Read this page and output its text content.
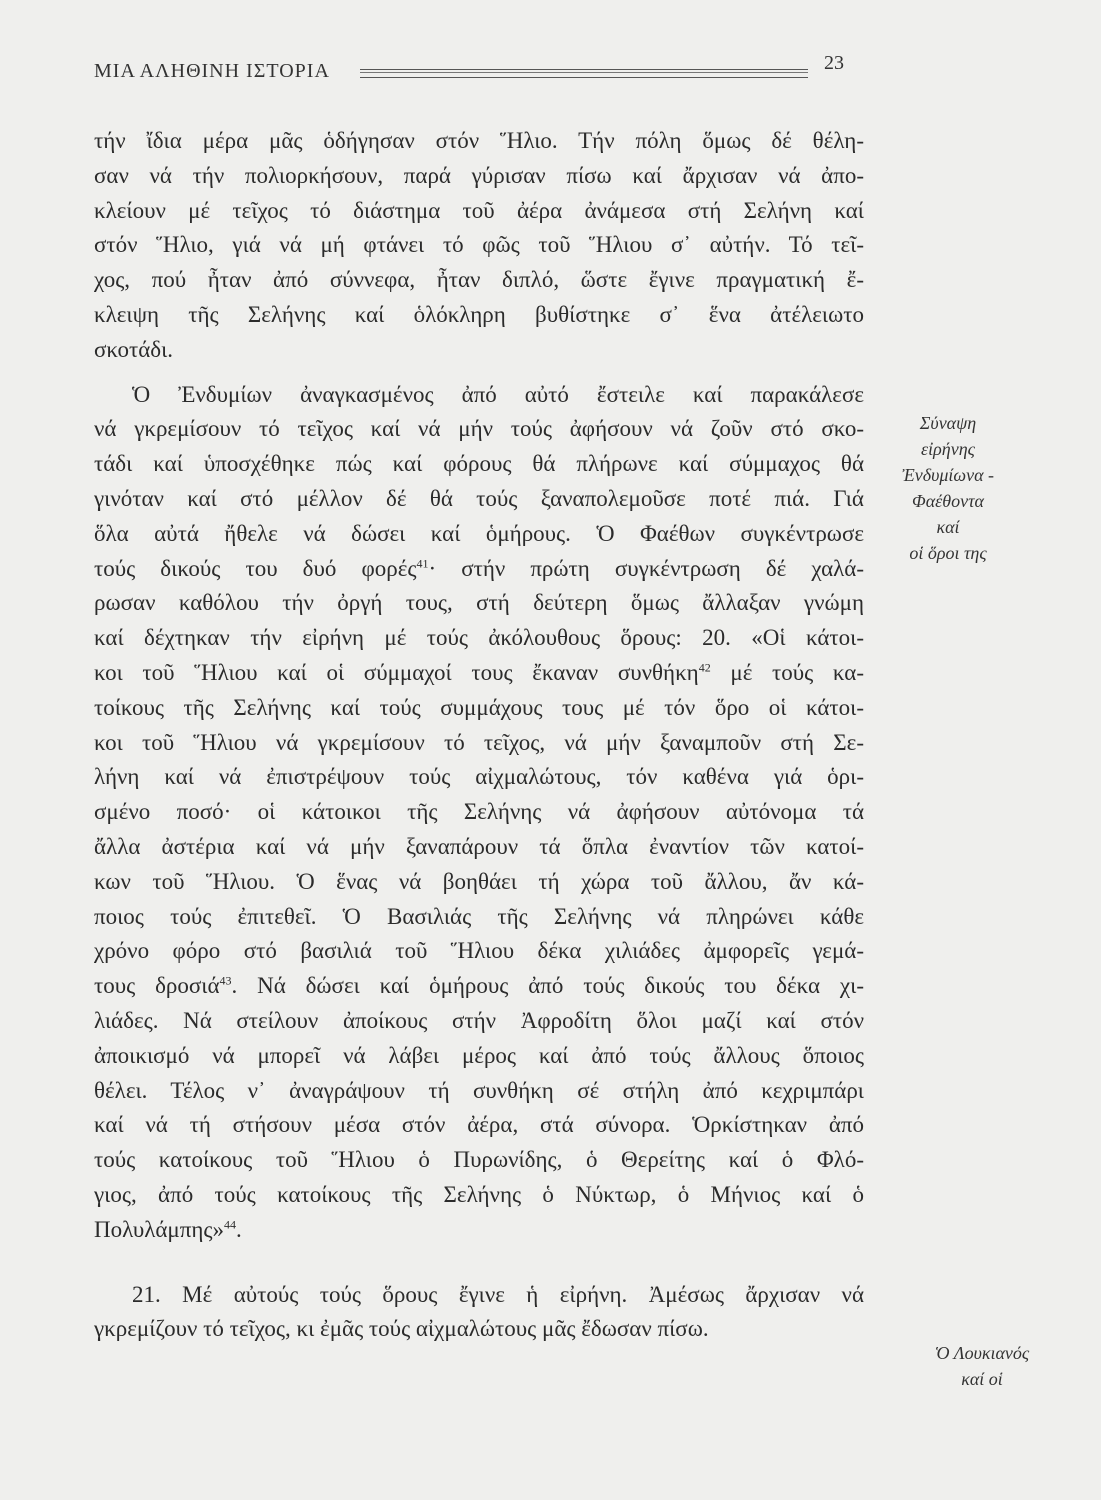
ΜΙΑ ΑΛΗΘΙΝΗ ΙΣΤΟΡΙΑ	23

τήν ἴδια μέρα μᾶς ὁδήγησαν στόν Ἥλιο. Τήν πόλη ὅμως δέ θέλη-
σαν νά τήν πολιορκήσουν, παρά γύρισαν πίσω καί ἄρχισαν νά ἀπο-
κλείουν μέ τεῖχος τό διάστημα τοῦ ἀέρα ἀνάμεσα στή Σελήνη καί
στόν Ἥλιο, γιά νά μή φτάνει τό φῶς τοῦ Ἥλιου σ᾽ αὐτήν. Τό τεῖ-
χος, πού ἦταν ἀπό σύννεφα, ἦταν διπλό, ὥστε ἔγινε πραγματική ἔ-
κλειψη τῆς Σελήνης καί ὁλόκληρη βυθίστηκε σ᾽ ἕνα ἀτέλειωτο
σκοτάδι.

Ὁ Ἐνδυμίων ἀναγκασμένος ἀπό αὐτό ἔστειλε καί παρακάλεσε
νά γκρεμίσουν τό τεῖχος καί νά μήν τούς ἀφήσουν νά ζοῦν στό σκο-
τάδι καί ὑποσχέθηκε πώς καί φόρους θά πλήρωνε καί σύμμαχος θά
γινόταν καί στό μέλλον δέ θά τούς ξαναπολεμοῦσε ποτέ πιά. Γιά
ὅλα αὐτά ἤθελε νά δώσει καί ὁμήρους. Ὁ Φαέθων συγκέντρωσε
τούς δικούς του δυό φορές$^{41}$· στήν πρώτη συγκέντρωση δέ χαλά-
ρωσαν καθόλου τήν ὀργή τους, στή δεύτερη ὅμως ἄλλαξαν γνώμη
καί δέχτηκαν τήν εἰρήνη μέ τούς ἀκόλουθους ὅρους: 20. «Οἱ κάτοι-
κοι τοῦ Ἥλιου καί οἱ σύμμαχοί τους ἔκαναν συνθήκη$^{42}$ μέ τούς κα-
τοίκους τῆς Σελήνης καί τούς συμμάχους τους μέ τόν ὅρο οἱ κάτοι-
κοι τοῦ Ἥλιου νά γκρεμίσουν τό τεῖχος, νά μήν ξαναμποῦν στή Σε-
λήνη καί νά ἐπιστρέψουν τούς αἰχμαλώτους, τόν καθένα γιά ὁρι-
σμένο ποσό· οἱ κάτοικοι τῆς Σελήνης νά ἀφήσουν αὐτόνομα τά
ἄλλα ἀστέρια καί νά μήν ξαναπάρουν τά ὅπλα ἐναντίον τῶν κατοί-
κων τοῦ Ἥλιου. Ὁ ἕνας νά βοηθάει τή χώρα τοῦ ἄλλου, ἄν κά-
ποιος τούς ἐπιτεθεῖ. Ὁ Βασιλιάς τῆς Σελήνης νά πληρώνει κάθε
χρόνο φόρο στό βασιλιά τοῦ Ἥλιου δέκα χιλιάδες ἀμφορεῖς γεμά-
τους δροσιά$^{43}$. Νά δώσει καί ὁμήρους ἀπό τούς δικούς του δέκα χι-
λιάδες. Νά στείλουν ἀποίκους στήν Ἀφροδίτη ὅλοι μαζί καί στόν
ἀποικισμό νά μπορεῖ νά λάβει μέρος καί ἀπό τούς ἄλλους ὅποιος
θέλει. Τέλος ν᾽ ἀναγράψουν τή συνθήκη σέ στήλη ἀπό κεχριμπάρι
καί νά τή στήσουν μέσα στόν ἀέρα, στά σύνορα. Ὁρκίστηκαν ἀπό
τούς κατοίκους τοῦ Ἥλιου ὁ Πυρωνίδης, ὁ Θερείτης καί ὁ Φλό-
γιος, ἀπό τούς κατοίκους τῆς Σελήνης ὁ Νύκτωρ, ὁ Μήνιος καί ὁ
Πολυλάμπης»$^{44}$.

21. Μέ αὐτούς τούς ὅρους ἔγινε ἡ εἰρήνη. Ἀμέσως ἄρχισαν νά
γκρεμίζουν τό τεῖχος, κι ἐμᾶς τούς αἰχμαλώτους μᾶς ἔδωσαν πίσω.

Σύναψη
εἰρήνης
Ἐνδυμίωνα -
Φαέθοντα
καί
οἱ ὅροι της
Ὁ Λουκιανός
καί οἱ
